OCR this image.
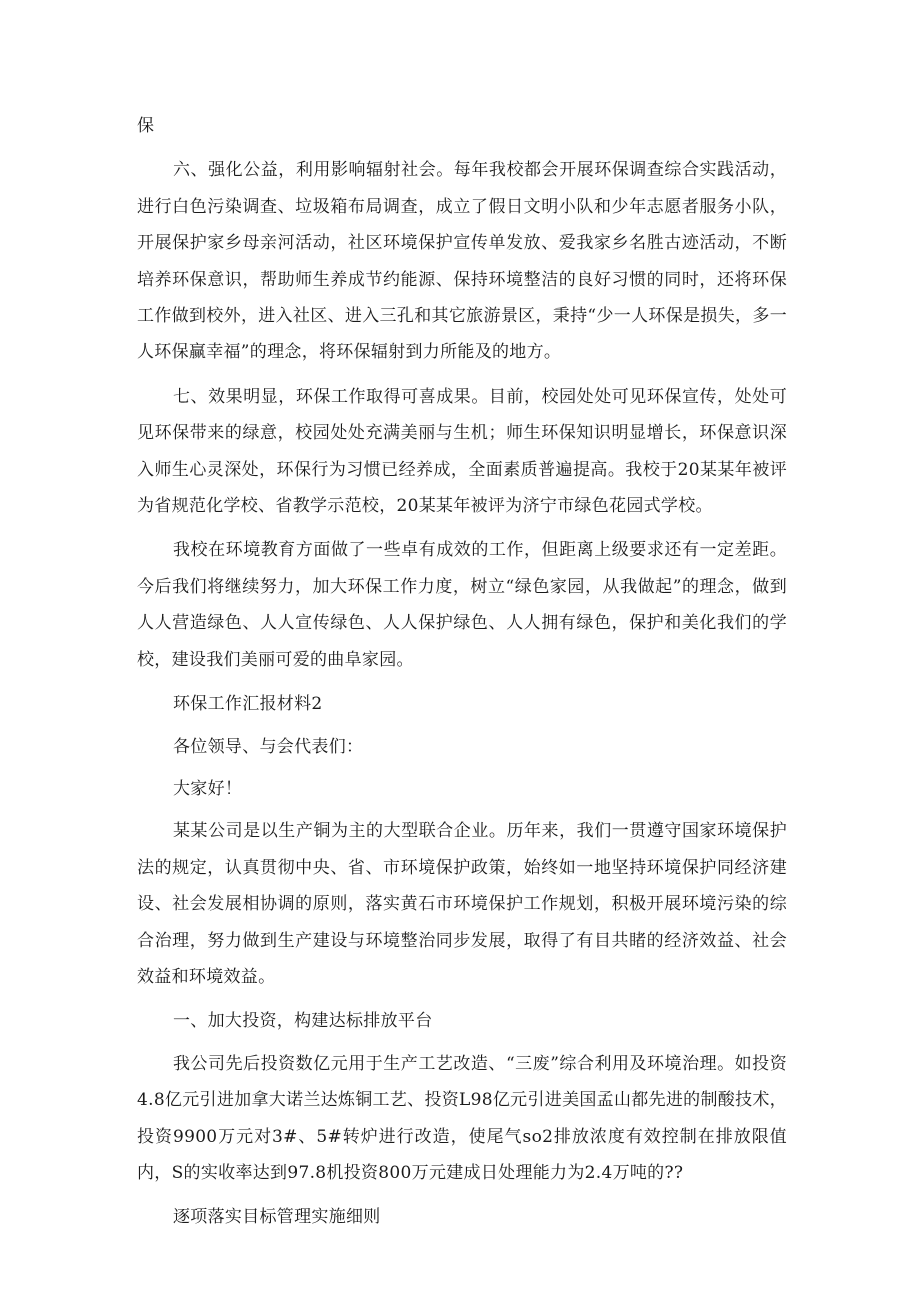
保

六、强化公益，利用影响辐射社会。每年我校都会开展环保调查综合实践活动，进行白色污染调查、垃圾箱布局调查，成立了假日文明小队和少年志愿者服务小队，开展保护家乡母亲河活动，社区环境保护宣传单发放、爱我家乡名胜古迹活动，不断培养环保意识，帮助师生养成节约能源、保持环境整洁的良好习惯的同时，还将环保工作做到校外，进入社区、进入三孔和其它旅游景区，秉持“少一人环保是损失，多一人环保赢幸福”的理念，将环保辐射到力所能及的地方。

七、效果明显，环保工作取得可喜成果。目前，校园处处可见环保宣传，处处可见环保带来的绿意，校园处处充满美丽与生机；师生环保知识明显增长，环保意识深入师生心灵深处，环保行为习惯已经养成，全面素质普遍提高。我校于20某某年被评为省规范化学校、省教学示范校，20某某年被评为济宁市绿色花园式学校。

我校在环境教育方面做了一些卓有成效的工作，但距离上级要求还有一定差距。今后我们将继续努力，加大环保工作力度，树立“绿色家园，从我做起”的理念，做到人人营造绿色、人人宣传绿色、人人保护绿色、人人拥有绿色，保护和美化我们的学校，建设我们美丽可爱的曲阜家园。

环保工作汇报材料2

各位领导、与会代表们：

大家好！

某某公司是以生产铜为主的大型联合企业。历年来，我们一贯遵守国家环境保护法的规定，认真贯彻中央、省、市环境保护政策，始终如一地坚持环境保护同经济建设、社会发展相协调的原则，落实黄石市环境保护工作规划，积极开展环境污染的综合治理，努力做到生产建设与环境整治同步发展，取得了有目共睹的经济效益、社会效益和环境效益。

一、加大投资，构建达标排放平台

我公司先后投资数亿元用于生产工艺改造、“三废”综合利用及环境治理。如投资4.8亿元引进加拿大诺兰达炼铜工艺、投资L98亿元引进美国孟山都先进的制酸技术，投资9900万元对3#、5#转炉进行改造，使尾气so2排放浓度有效控制在排放限值内，S的实收率达到97.8机投资800万元建成日处理能力为2.4万吨的??

逐项落实目标管理实施细则
